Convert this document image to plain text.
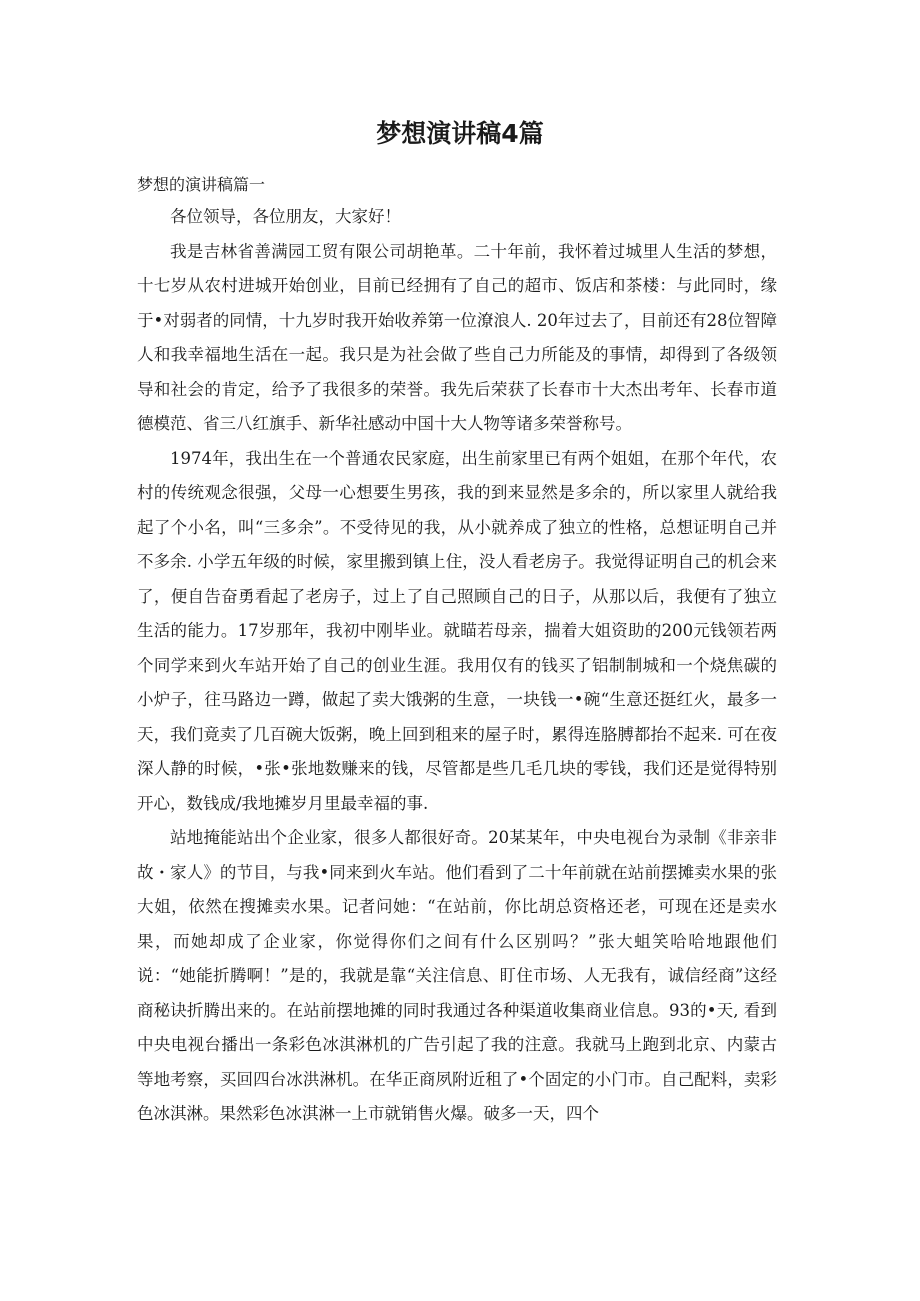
梦想演讲稿4篇
梦想的演讲稿篇一

各位领导，各位朋友，大家好！

我是吉林省善满园工贸有限公司胡艳革。二十年前，我怀着过城里人生活的梦想，十七岁从农村进城开始创业，目前已经拥有了自己的超市、饭店和茶楼：与此同时，缘于•对弱者的同情，十九岁时我开始收养第一位潦浪人. 20年过去了，目前还有28位智障人和我幸福地生活在一起。我只是为社会做了些自己力所能及的事情，却得到了各级领导和社会的肯定，给予了我很多的荣誉。我先后荣获了长春市十大杰出考年、长春市道德模范、省三八红旗手、新华社感动中国十大人物等诸多荣誉称号。

1974年，我出生在一个普通农民家庭，出生前家里已有两个姐姐，在那个年代，农村的传统观念很强，父母一心想要生男孩，我的到来显然是多余的，所以家里人就给我起了个小名，叫“三多余”。不受待见的我，从小就养成了独立的性格，总想证明自己并不多余. 小学五年级的时候，家里搬到镇上住，没人看老房子。我觉得证明自己的机会来了，便自告奋勇看起了老房子，过上了自己照顾自己的日子，从那以后，我便有了独立生活的能力。17岁那年，我初中刚毕业。就瞄若母亲，揣着大姐资助的200元钱领若两个同学来到火车站开始了自己的创业生涯。我用仅有的钱买了铝制制城和一个烧焦碳的小炉子，往马路边一蹲，做起了卖大饿粥的生意，一块钱一•碗“生意还挺红火，最多一天，我们竟卖了几百碗大饭粥，晚上回到租来的屋子时，累得连胳膊都抬不起来. 可在夜深人静的时候，•张•张地数赚来的钱，尽管都是些几毛几块的零钱，我们还是觉得特别开心，数钱成/我地摊岁月里最幸福的事.

站地掩能站出个企业家，很多人都很好奇。20某某年，中央电视台为录制《非亲非故・家人》的节目，与我•同来到火车站。他们看到了二十年前就在站前摆摊卖水果的张大姐，依然在搜摊卖水果。记者问她：“在站前，你比胡总资格还老，可现在还是卖水果，而她却成了企业家，你觉得你们之间有什么区别吗？”张大蛆笑哈哈地跟他们说：“她能折腾啊！”是的，我就是靠“关注信息、盯住市场、人无我有，诚信经商”这经商秘诀折腾出来的。在站前摆地摊的同时我通过各种渠道收集商业信息。93的•天, 看到中央电视台播出一条彩色冰淇淋机的广告引起了我的注意。我就马上跑到北京、内蒙古等地考察，买回四台冰洪淋机。在华正商夙附近租了•个固定的小门市。自己配料，卖彩色冰淇淋。果然彩色冰淇淋一上市就销售火爆。破多一天，四个
